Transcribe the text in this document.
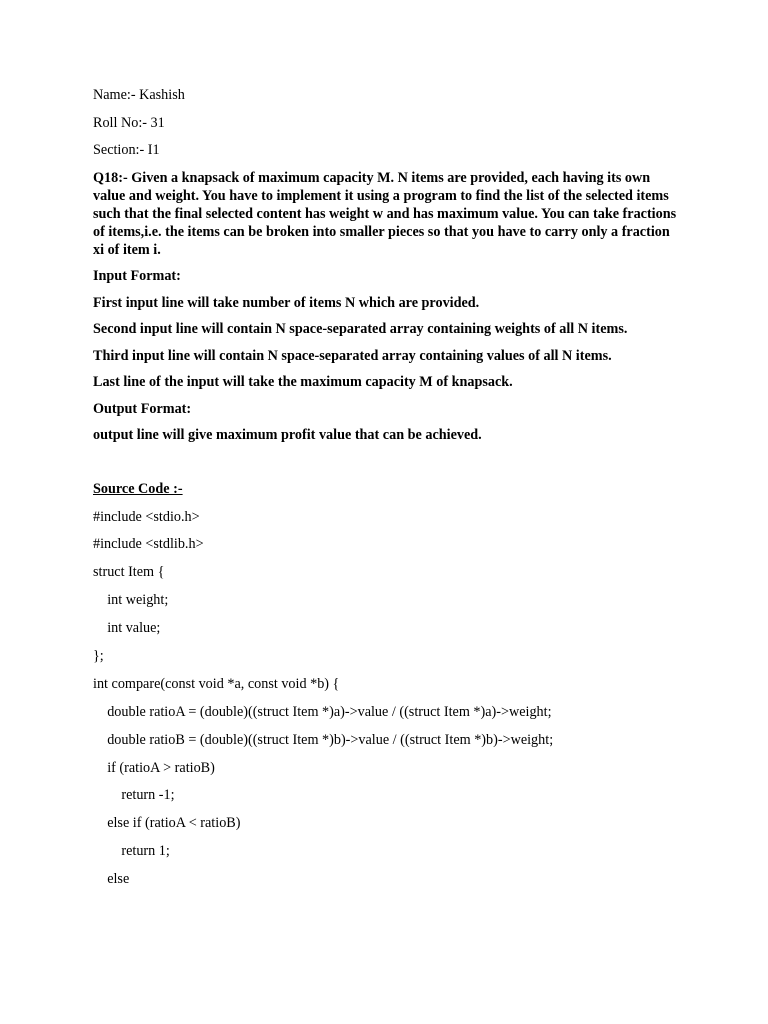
Name:- Kashish

Roll No:- 31

Section:- I1

Q18:- Given a knapsack of maximum capacity M. N items are provided, each having its own value and weight. You have to implement it using a program to find the list of the selected items such that the final selected content has weight w and has maximum value. You can take fractions of items,i.e. the items can be broken into smaller pieces so that you have to carry only a fraction xi of item i.

Input Format:

First input line will take number of items N which are provided.

Second input line will contain N space-separated array containing weights of all N items.

Third input line will contain N space-separated array containing values of all N items.

Last line of the input will take the maximum capacity M of knapsack.

Output Format:

output line will give maximum profit value that can be achieved.

Source Code :-

#include <stdio.h>

#include <stdlib.h>

struct Item {

int weight;

int value;

};

int compare(const void *a, const void *b) {

double ratioA = (double)((struct Item *)a)->value / ((struct Item *)a)->weight;

double ratioB = (double)((struct Item *)b)->value / ((struct Item *)b)->weight;

if (ratioA > ratioB)

return -1;

else if (ratioA < ratioB)

return 1;

else
